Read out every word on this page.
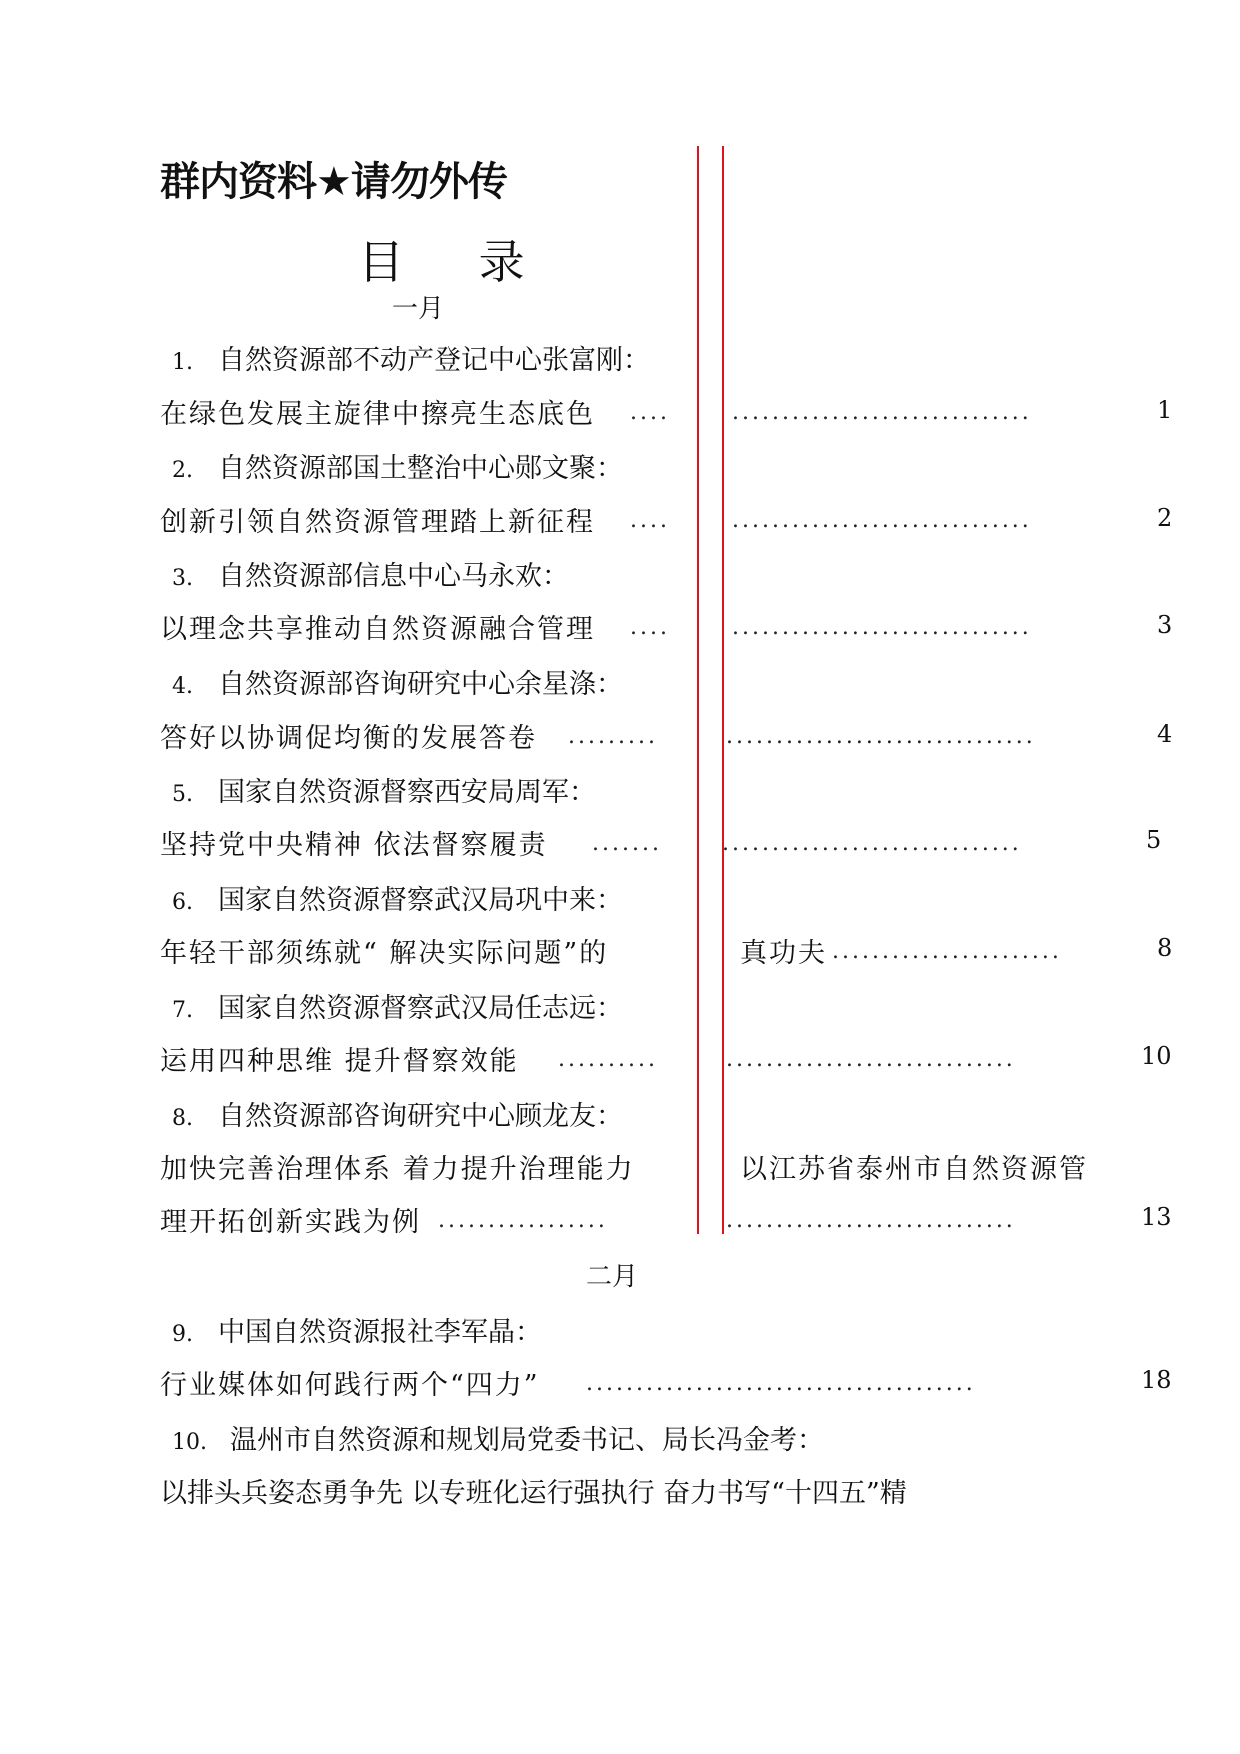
群内资料★请勿外传
目 录
一月
1. 自然资源部不动产登记中心张富刚：
在绿色发展主旋律中擦亮生态底色 ....	..............................	1
2. 自然资源部国土整治中心郧文聚：
创新引领自然资源管理踏上新征程 ....	..............................	2
3. 自然资源部信息中心马永欢：
以理念共享推动自然资源融合管理 ....	..............................	3
4. 自然资源部咨询研究中心余星涤：
答好以协调促均衡的发展答卷 .........	...............................	4
5. 国家自然资源督察西安局周军：
坚持党中央精神 依法督察履责 .......	..............................	5
6. 国家自然资源督察武汉局巩中来：
年轻干部须练就“ 解决实际问题”的	真功夫 .......................	8
7. 国家自然资源督察武汉局任志远：
运用四种思维 提升督察效能 ..........	.............................	10
8. 自然资源部咨询研究中心顾龙友：
加快完善治理体系 着力提升治理能力	以江苏省泰州市自然资源管
理开拓创新实践为例 .................	.............................	13
二月
9. 中国自然资源报社李军晶：
行业媒体如何践行两个“四力” .......................................	18
10. 温州市自然资源和规划局党委书记、局长冯金考：
以排头兵姿态勇争先 以专班化运行强执行 奋力书写“十四五”精
